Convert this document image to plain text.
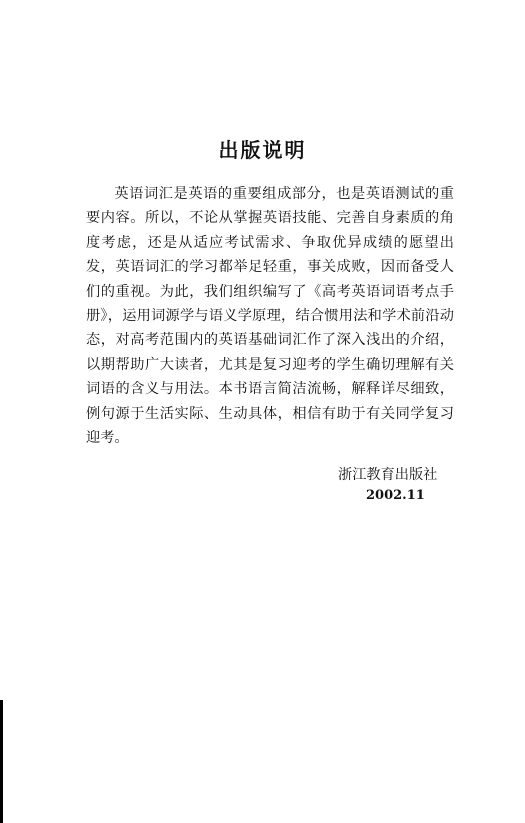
出版说明
英语词汇是英语的重要组成部分，也是英语测试的重要内容。所以，不论从掌握英语技能、完善自身素质的角度考虑，还是从适应考试需求、争取优异成绩的愿望出发，英语词汇的学习都举足轻重，事关成败，因而备受人们的重视。为此，我们组织编写了《高考英语词语考点手册》，运用词源学与语义学原理，结合惯用法和学术前沿动态，对高考范围内的英语基础词汇作了深入浅出的介绍，以期帮助广大读者，尤其是复习迎考的学生确切理解有关词语的含义与用法。本书语言简洁流畅，解释详尽细致，例句源于生活实际、生动具体，相信有助于有关同学复习迎考。
浙江教育出版社
2002.11
